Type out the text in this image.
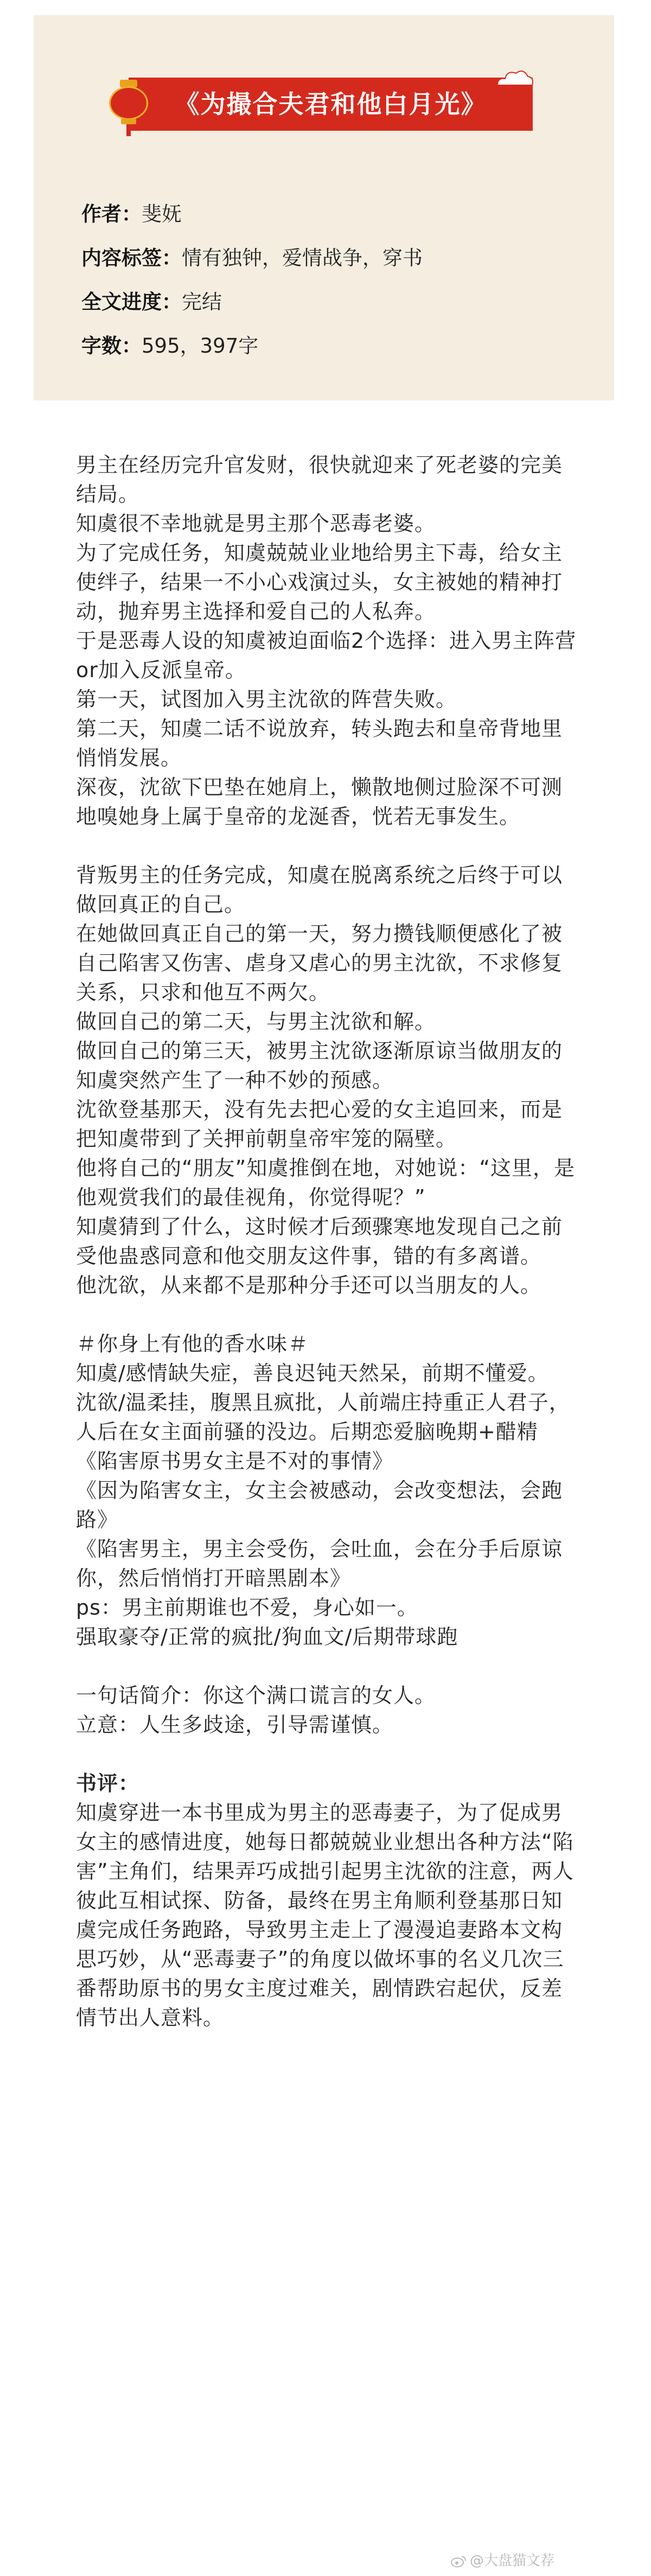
《为撮合夫君和他白月光》
作者：斐妩
内容标签：情有独钟，爱情战争，穿书
全文进度：完结
字数：595，397字

男主在经历完升官发财，很快就迎来了死老婆的完美结局。

知虞很不幸地就是男主那个恶毒老婆。

为了完成任务，知虞兢兢业业地给男主下毒，给女主使绊子，结果一不小心戏演过头，女主被她的精神打动，抛弃男主选择和爱自己的人私奔。

于是恶毒人设的知虞被迫面临2个选择：进入男主阵营or加入反派皇帝。

第一天，试图加入男主沈欲的阵营失败。

第二天，知虞二话不说放弃，转头跑去和皇帝背地里悄悄发展。

深夜，沈欲下巴垫在她肩上，懒散地侧过脸深不可测地嗅她身上属于皇帝的龙涎香，恍若无事发生。

背叛男主的任务完成，知虞在脱离系统之后终于可以做回真正的自己。

在她做回真正自己的第一天，努力攒钱顺便感化了被自己陷害又伤害、虐身又虐心的男主沈欲，不求修复关系，只求和他互不两欠。

做回自己的第二天，与男主沈欲和解。

做回自己的第三天，被男主沈欲逐渐原谅当做朋友的知虞突然产生了一种不妙的预感。

沈欲登基那天，没有先去把心爱的女主追回来，而是把知虞带到了关押前朝皇帝牢笼的隔壁。

他将自己的“朋友”知虞推倒在地，对她说：“这里，是他观赏我们的最佳视角，你觉得呢？”

知虞猜到了什么，这时候才后颈骤寒地发现自己之前受他蛊惑同意和他交朋友这件事，错的有多离谱。

他沈欲，从来都不是那种分手还可以当朋友的人。

＃你身上有他的香水味＃

知虞/感情缺失症，善良迟钝天然呆，前期不懂爱。

沈欲/温柔挂，腹黑且疯批，人前端庄持重正人君子，人后在女主面前骚的没边。后期恋爱脑晚期+醋精

《陷害原书男女主是不对的事情》

《因为陷害女主，女主会被感动，会改变想法，会跑路》

《陷害男主，男主会受伤，会吐血，会在分手后原谅你，然后悄悄打开暗黑剧本》

ps：男主前期谁也不爱，身心如一。

强取豪夺/正常的疯批/狗血文/后期带球跑

一句话简介：你这个满口谎言的女人。

立意：人生多歧途，引导需谨慎。

书评：

知虞穿进一本书里成为男主的恶毒妻子，为了促成男女主的感情进度，她每日都兢兢业业想出各种方法“陷害”主角们，结果弄巧成拙引起男主沈欲的注意，两人彼此互相试探、防备，最终在男主角顺利登基那日知虞完成任务跑路，导致男主走上了漫漫追妻路本文构思巧妙，从“恶毒妻子”的角度以做坏事的名义几次三番帮助原书的男女主度过难关，剧情跌宕起伏，反差情节出人意料。

@大盘猫文荐
